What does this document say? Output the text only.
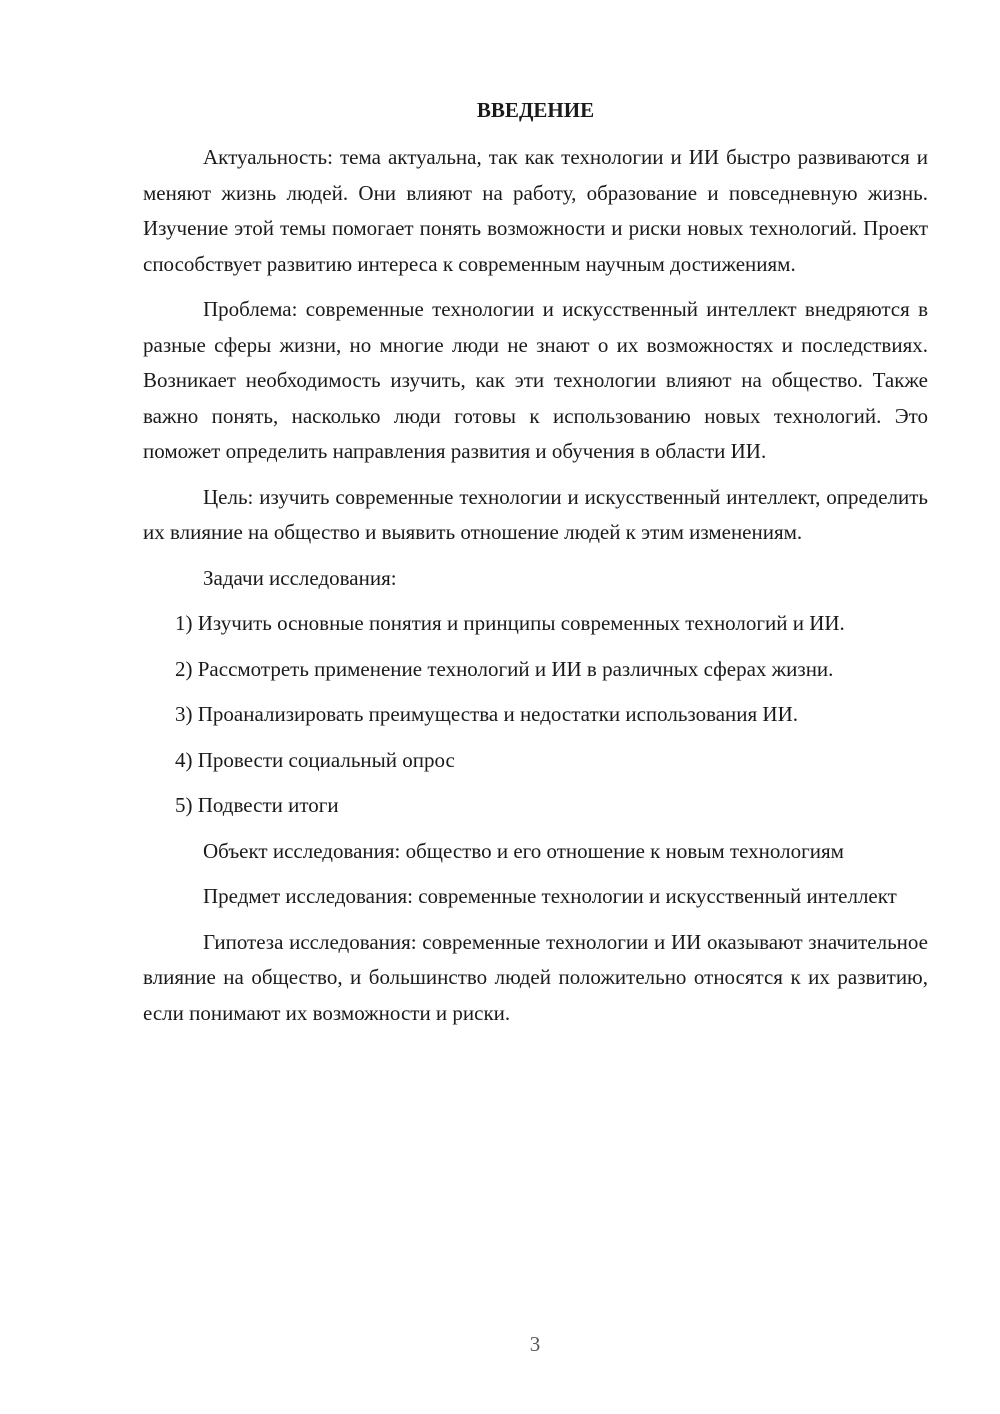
ВВЕДЕНИЕ

Актуальность: тема актуальна, так как технологии и ИИ быстро развиваются и меняют жизнь людей. Они влияют на работу, образование и повседневную жизнь. Изучение этой темы помогает понять возможности и риски новых технологий. Проект способствует развитию интереса к современным научным достижениям.

Проблема: современные технологии и искусственный интеллект внедряются в разные сферы жизни, но многие люди не знают о их возможностях и последствиях. Возникает необходимость изучить, как эти технологии влияют на общество. Также важно понять, насколько люди готовы к использованию новых технологий. Это поможет определить направления развития и обучения в области ИИ.

Цель: изучить современные технологии и искусственный интеллект, определить их влияние на общество и выявить отношение людей к этим изменениям.

Задачи исследования:

1) Изучить основные понятия и принципы современных технологий и ИИ.

2) Рассмотреть применение технологий и ИИ в различных сферах жизни.

3) Проанализировать преимущества и недостатки использования ИИ.

4) Провести социальный опрос

5) Подвести итоги

Объект исследования: общество и его отношение к новым технологиям

Предмет исследования: современные технологии и искусственный интеллект

Гипотеза исследования: современные технологии и ИИ оказывают значительное влияние на общество, и большинство людей положительно относятся к их развитию, если понимают их возможности и риски.

3
